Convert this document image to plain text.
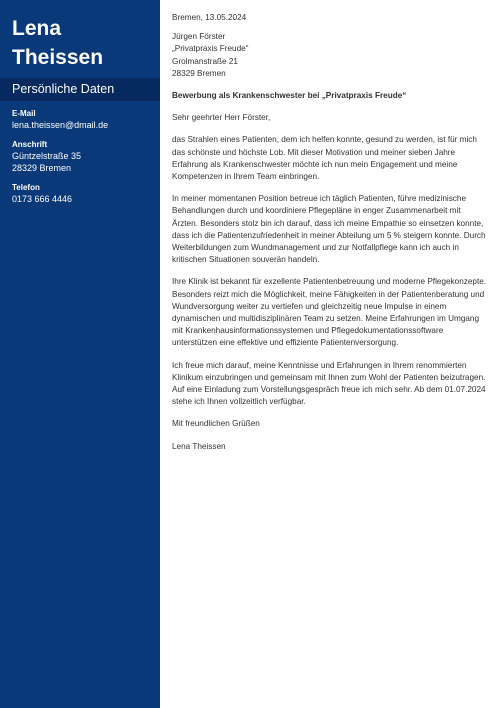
Lena
Theissen
Persönliche Daten
E-Mail
lena.theissen@dmail.de
Anschrift
Güntzelstraße 35
28329 Bremen
Telefon
0173 666 4446

Bremen, 13.05.2024

Jürgen Förster

„Privatpraxis Freude“

Grolmanstraße 21

28329 Bremen

Bewerbung als Krankenschwester bei „Privatpraxis Freude“

Sehr geehrter Herr Förster,

das Strahlen eines Patienten, dem ich helfen konnte, gesund zu werden, ist für mich das schönste und höchste Lob. Mit dieser Motivation und meiner sieben Jahre Erfahrung als Krankenschwester möchte ich nun mein Engagement und meine Kompetenzen in Ihrem Team einbringen.

In meiner momentanen Position betreue ich täglich Patienten, führe medizinische Behandlungen durch und koordiniere Pflegepläne in enger Zusammenarbeit mit Ärzten. Besonders stolz bin ich darauf, dass ich meine Empathie so einsetzen konnte, dass ich die Patientenzufriedenheit in meiner Abteilung um 5 % steigern konnte. Durch Weiterbildungen zum Wundmanagement und zur Notfallpflege kann ich auch in kritischen Situationen souverän handeln.

Ihre Klinik ist bekannt für exzellente Patientenbetreuung und moderne Pflegekonzepte. Besonders reizt mich die Möglichkeit, meine Fähigkeiten in der Patientenberatung und Wundversorgung weiter zu vertiefen und gleichzeitig neue Impulse in einem dynamischen und multidisziplinären Team zu setzen. Meine Erfahrungen im Umgang mit Krankenhausinformationssystemen und Pflegedokumentationssoftware unterstützen eine effektive und effiziente Patientenversorgung.

Ich freue mich darauf, meine Kenntnisse und Erfahrungen in Ihrem renommierten Klinikum einzubringen und gemeinsam mit Ihnen zum Wohl der Patienten beizutragen. Auf eine Einladung zum Vorstellungsgespräch freue ich mich sehr. Ab dem 01.07.2024 stehe ich Ihnen vollzeitlich verfügbar.

Mit freundlichen Grüßen

Lena Theissen
